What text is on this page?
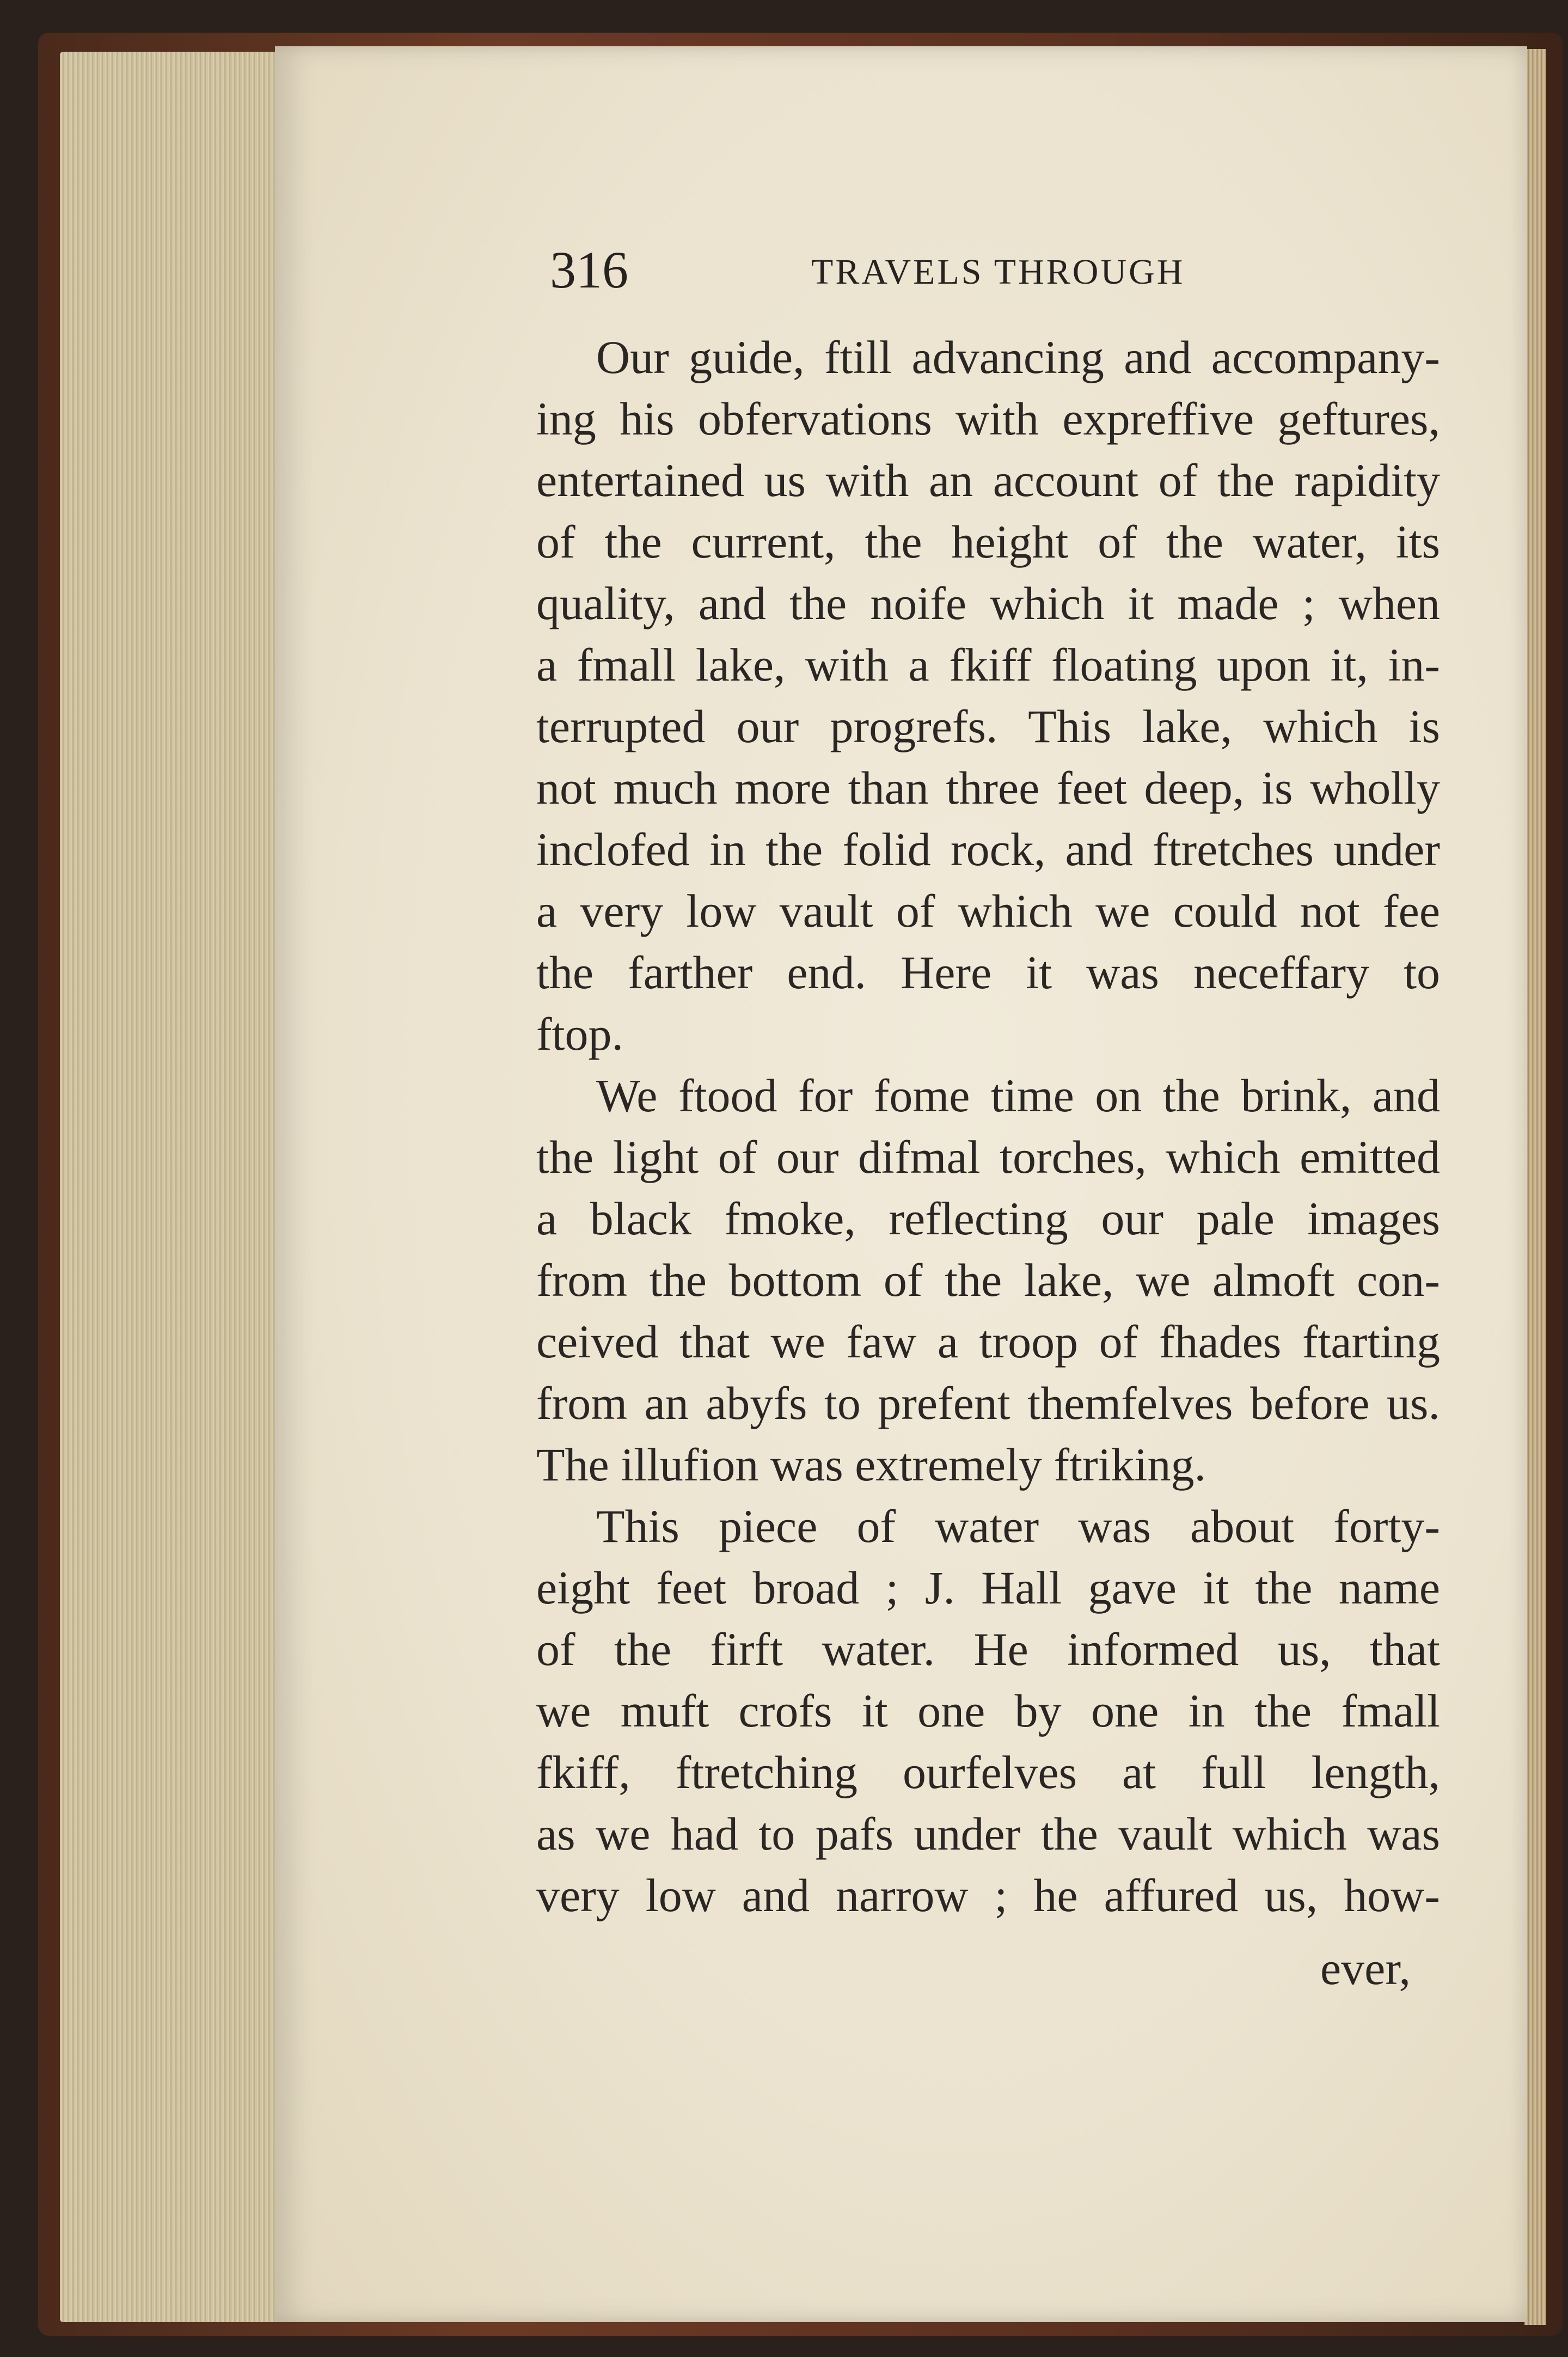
316	TRAVELS THROUGH
Our guide, ftill advancing and accompany-
ing his obfervations with expreffive geftures,
entertained us with an account of the rapidity
of the current, the height of the water, its
quality, and the noife which it made ; when
a fmall lake, with a fkiff floating upon it, in-
terrupted our progrefs. This lake, which is
not much more than three feet deep, is wholly
inclofed in the folid rock, and ftretches under
a very low vault of which we could not fee
the farther end. Here it was neceffary to
ftop.
We ftood for fome time on the brink, and
the light of our difmal torches, which emitted
a black fmoke, reflecting our pale images
from the bottom of the lake, we almoft con-
ceived that we faw a troop of fhades ftarting
from an abyfs to prefent themfelves before us.
The illufion was extremely ftriking.
This piece of water was about forty-
eight feet broad ; J. Hall gave it the name
of the firft water. He informed us, that
we muft crofs it one by one in the fmall
fkiff, ftretching ourfelves at full length,
as we had to pafs under the vault which was
very low and narrow ; he affured us, how-
ever,
